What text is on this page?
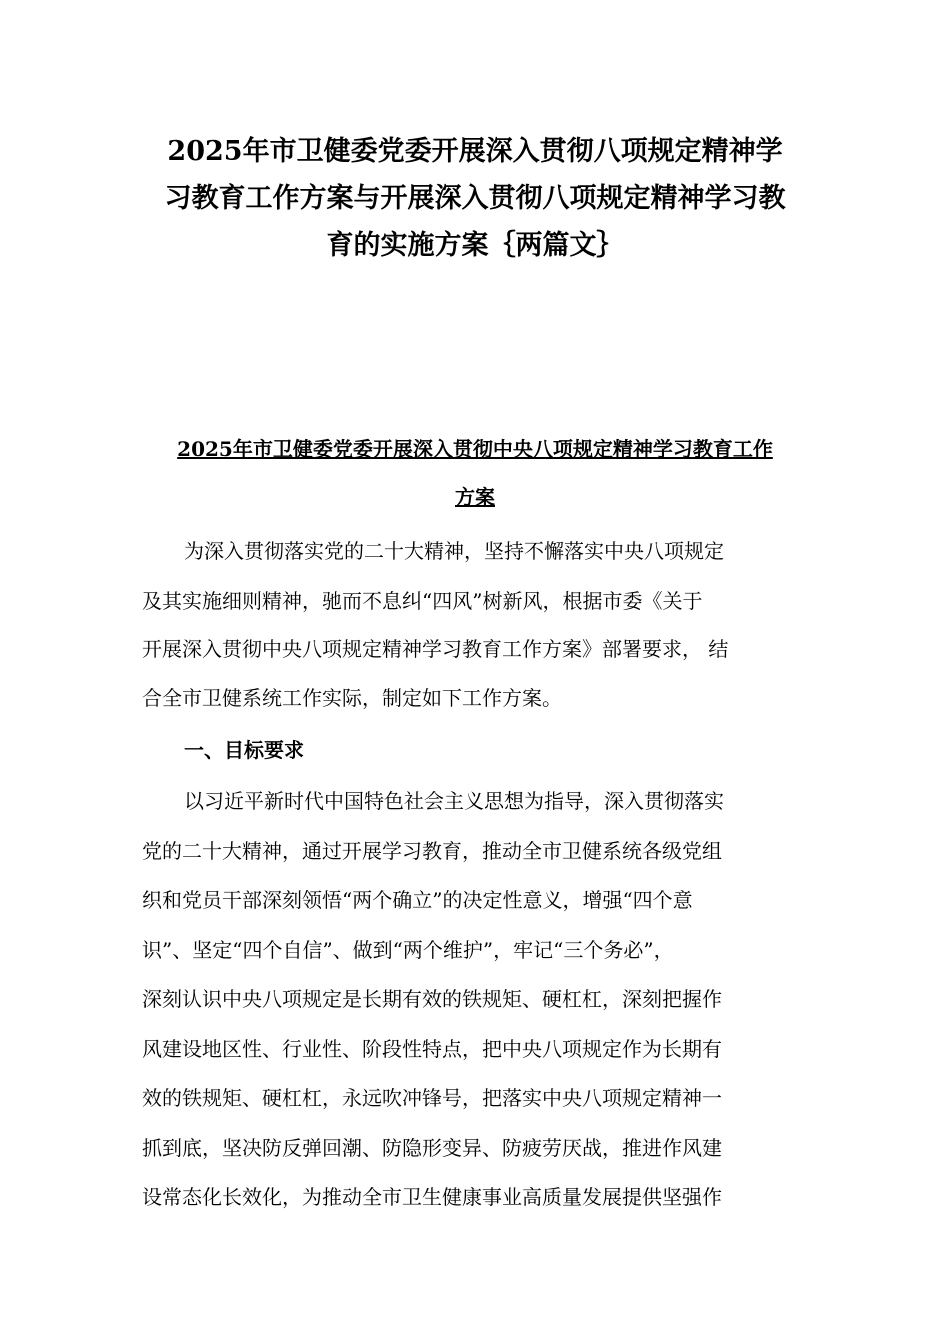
2025年市卫健委党委开展深入贯彻八项规定精神学
习教育工作方案与开展深入贯彻八项规定精神学习教
育的实施方案｛两篇文｝
2025年市卫健委党委开展深入贯彻中央八项规定精神学习教育工作
方案
为深入贯彻落实党的二十大精神，坚持不懈落实中央八项规定
及其实施细则精神，驰而不息纠“四风”树新风，根据市委《关于
开展深入贯彻中央八项规定精神学习教育工作方案》部署要求， 结
合全市卫健系统工作实际，制定如下工作方案。
一、目标要求
以习近平新时代中国特色社会主义思想为指导，深入贯彻落实
党的二十大精神，通过开展学习教育，推动全市卫健系统各级党组
织和党员干部深刻领悟“两个确立”的决定性意义，增强“四个意
识”、坚定“四个自信”、做到“两个维护”，牢记“三个务必”，
深刻认识中央八项规定是长期有效的铁规矩、硬杠杠，深刻把握作
风建设地区性、行业性、阶段性特点，把中央八项规定作为长期有
效的铁规矩、硬杠杠，永远吹冲锋号，把落实中央八项规定精神一
抓到底，坚决防反弹回潮、防隐形变异、防疲劳厌战，推进作风建
设常态化长效化，为推动全市卫生健康事业高质量发展提供坚强作
